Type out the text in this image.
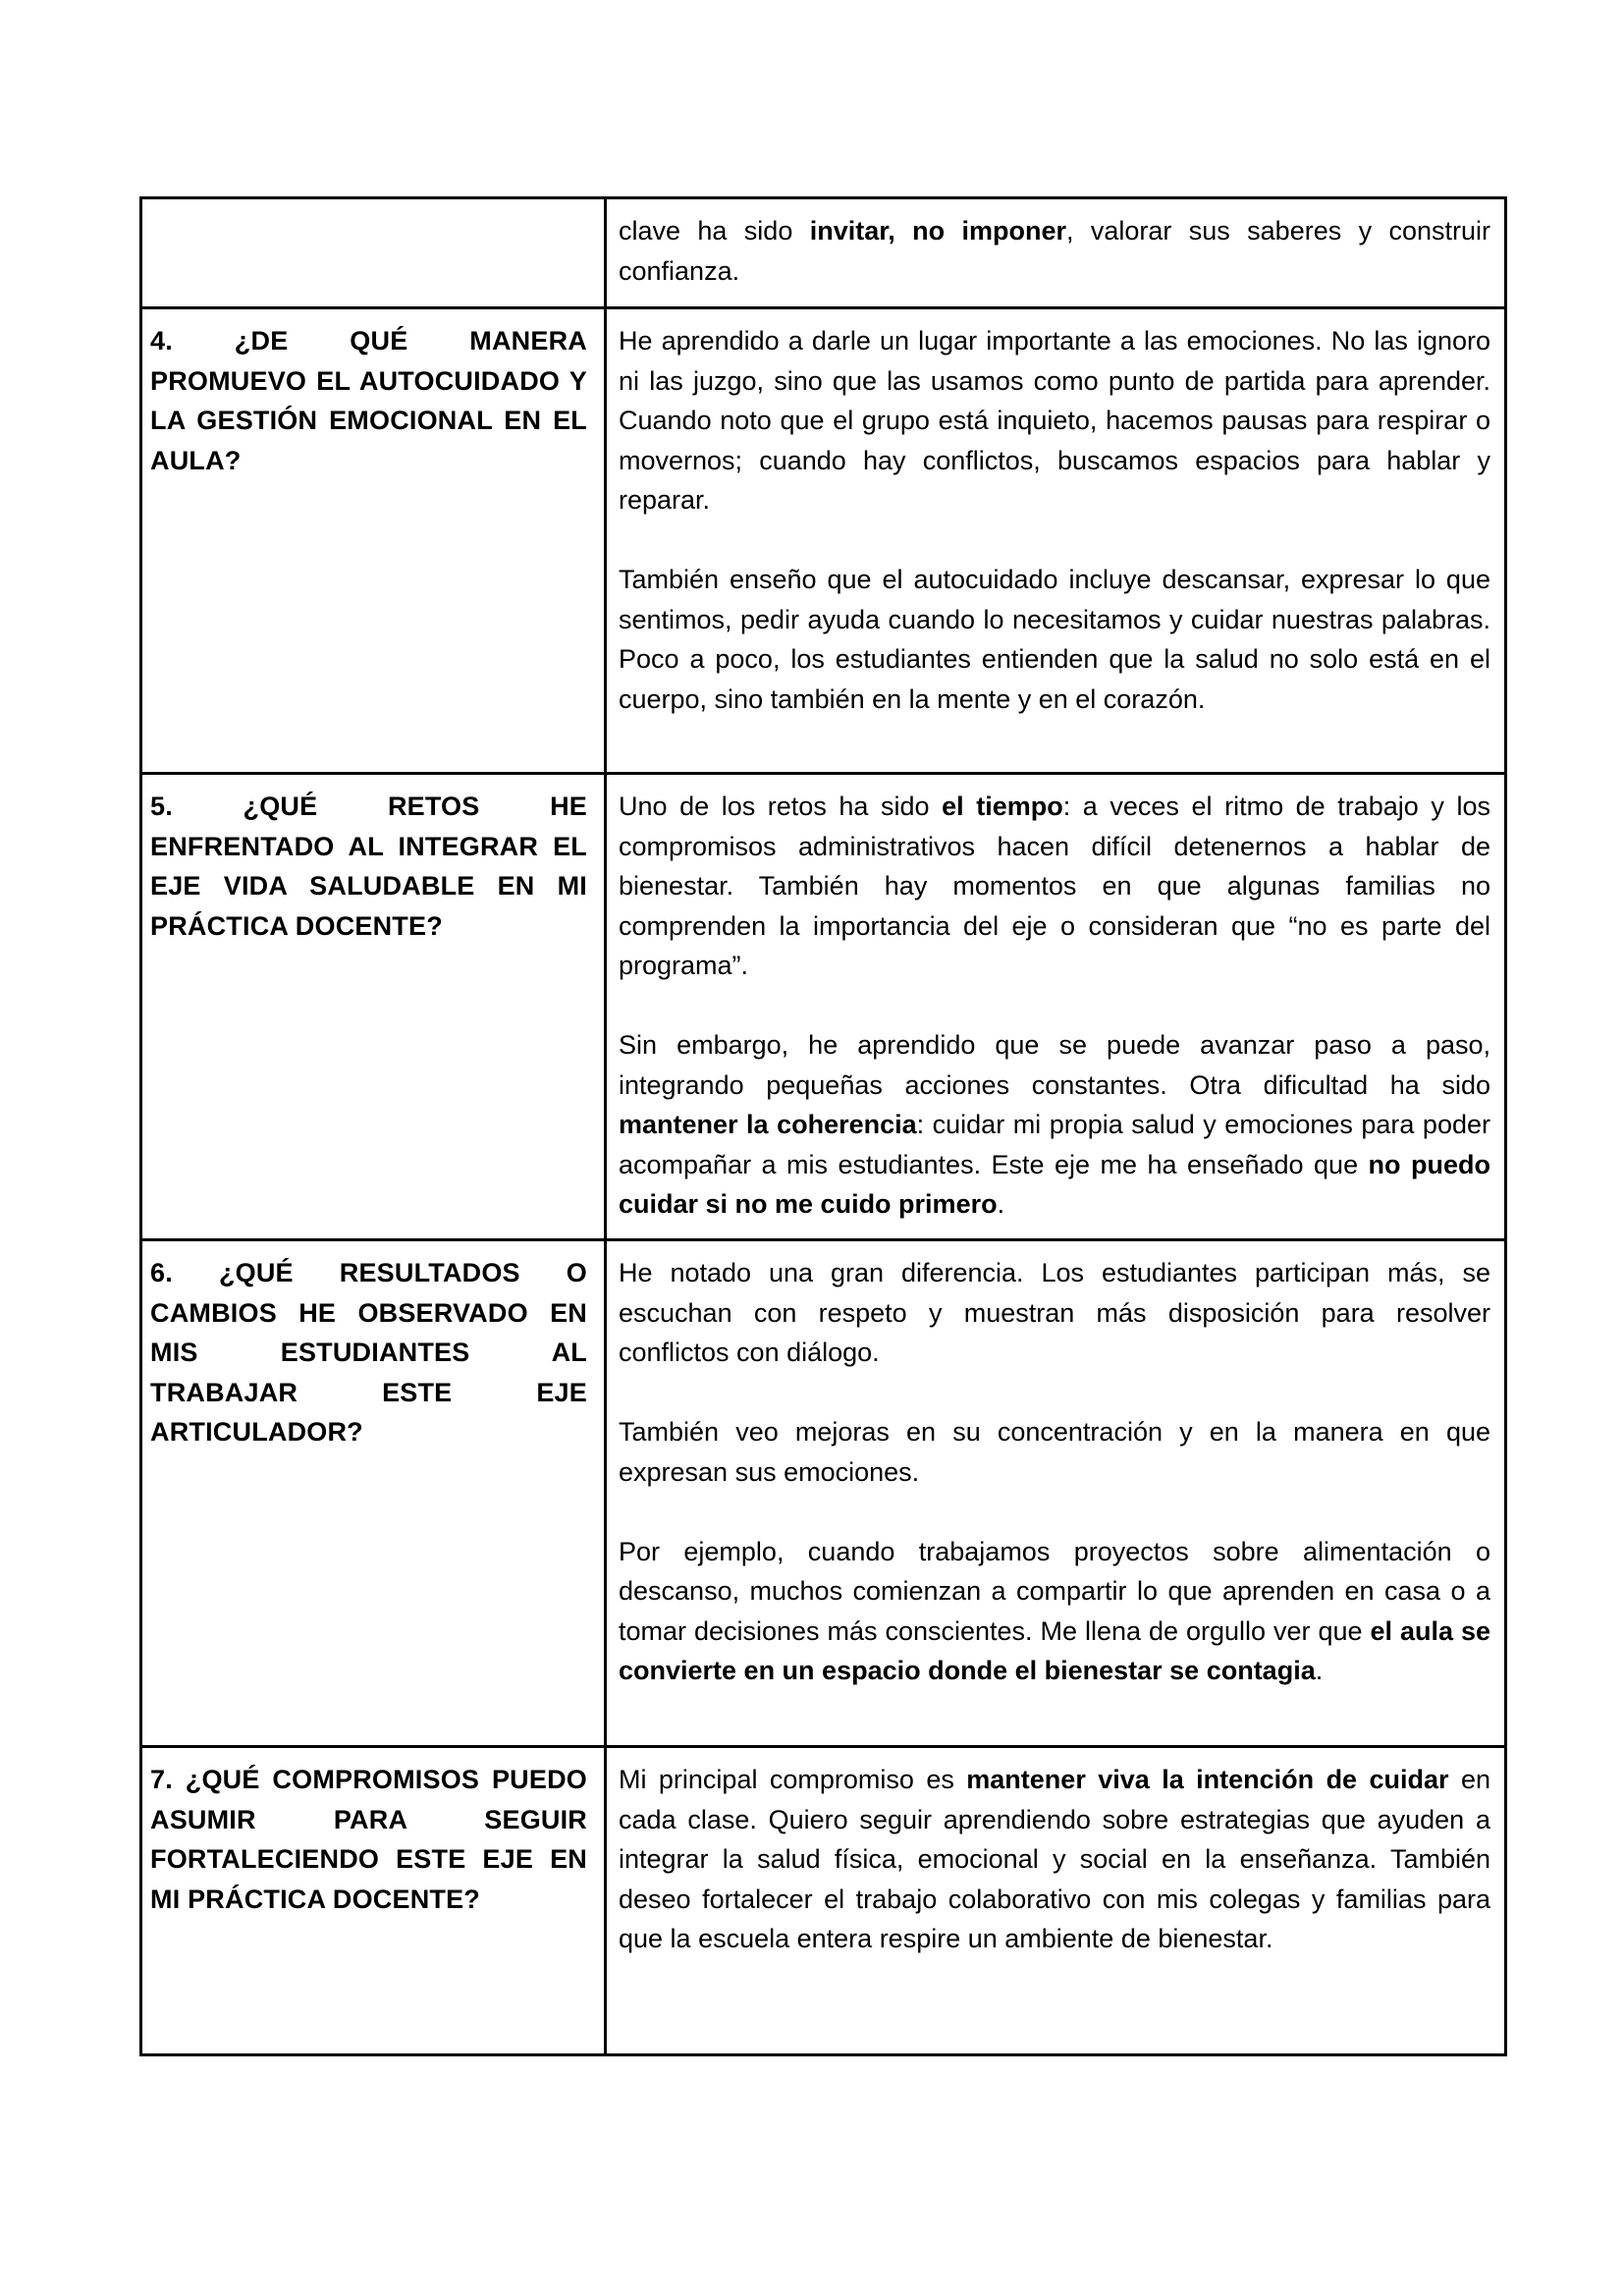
	clave ha sido invitar, no imponer, valorar sus saberes y construir confianza.

4. ¿DE QUÉ MANERA PROMUEVO EL AUTOCUIDADO Y LA GESTIÓN EMOCIONAL EN EL AULA?	He aprendido a darle un lugar importante a las emociones. No las ignoro ni las juzgo, sino que las usamos como punto de partida para aprender. Cuando noto que el grupo está inquieto, hacemos pausas para respirar o movernos; cuando hay conflictos, buscamos espacios para hablar y reparar.

También enseño que el autocuidado incluye descansar, expresar lo que sentimos, pedir ayuda cuando lo necesitamos y cuidar nuestras palabras. Poco a poco, los estudiantes entienden que la salud no solo está en el cuerpo, sino también en la mente y en el corazón.

5. ¿QUÉ RETOS HE ENFRENTADO AL INTEGRAR EL EJE VIDA SALUDABLE EN MI PRÁCTICA DOCENTE?	Uno de los retos ha sido el tiempo: a veces el ritmo de trabajo y los compromisos administrativos hacen difícil detenernos a hablar de bienestar. También hay momentos en que algunas familias no comprenden la importancia del eje o consideran que “no es parte del programa”.

Sin embargo, he aprendido que se puede avanzar paso a paso, integrando pequeñas acciones constantes. Otra dificultad ha sido mantener la coherencia: cuidar mi propia salud y emociones para poder acompañar a mis estudiantes. Este eje me ha enseñado que no puedo cuidar si no me cuido primero.

6. ¿QUÉ RESULTADOS O CAMBIOS HE OBSERVADO EN MIS ESTUDIANTES AL TRABAJAR ESTE EJE ARTICULADOR?	He notado una gran diferencia. Los estudiantes participan más, se escuchan con respeto y muestran más disposición para resolver conflictos con diálogo.

También veo mejoras en su concentración y en la manera en que expresan sus emociones.

Por ejemplo, cuando trabajamos proyectos sobre alimentación o descanso, muchos comienzan a compartir lo que aprenden en casa o a tomar decisiones más conscientes. Me llena de orgullo ver que el aula se convierte en un espacio donde el bienestar se contagia.

7. ¿QUÉ COMPROMISOS PUEDO ASUMIR PARA SEGUIR FORTALECIENDO ESTE EJE EN MI PRÁCTICA DOCENTE?	Mi principal compromiso es mantener viva la intención de cuidar en cada clase. Quiero seguir aprendiendo sobre estrategias que ayuden a integrar la salud física, emocional y social en la enseñanza. También deseo fortalecer el trabajo colaborativo con mis colegas y familias para que la escuela entera respire un ambiente de bienestar.
